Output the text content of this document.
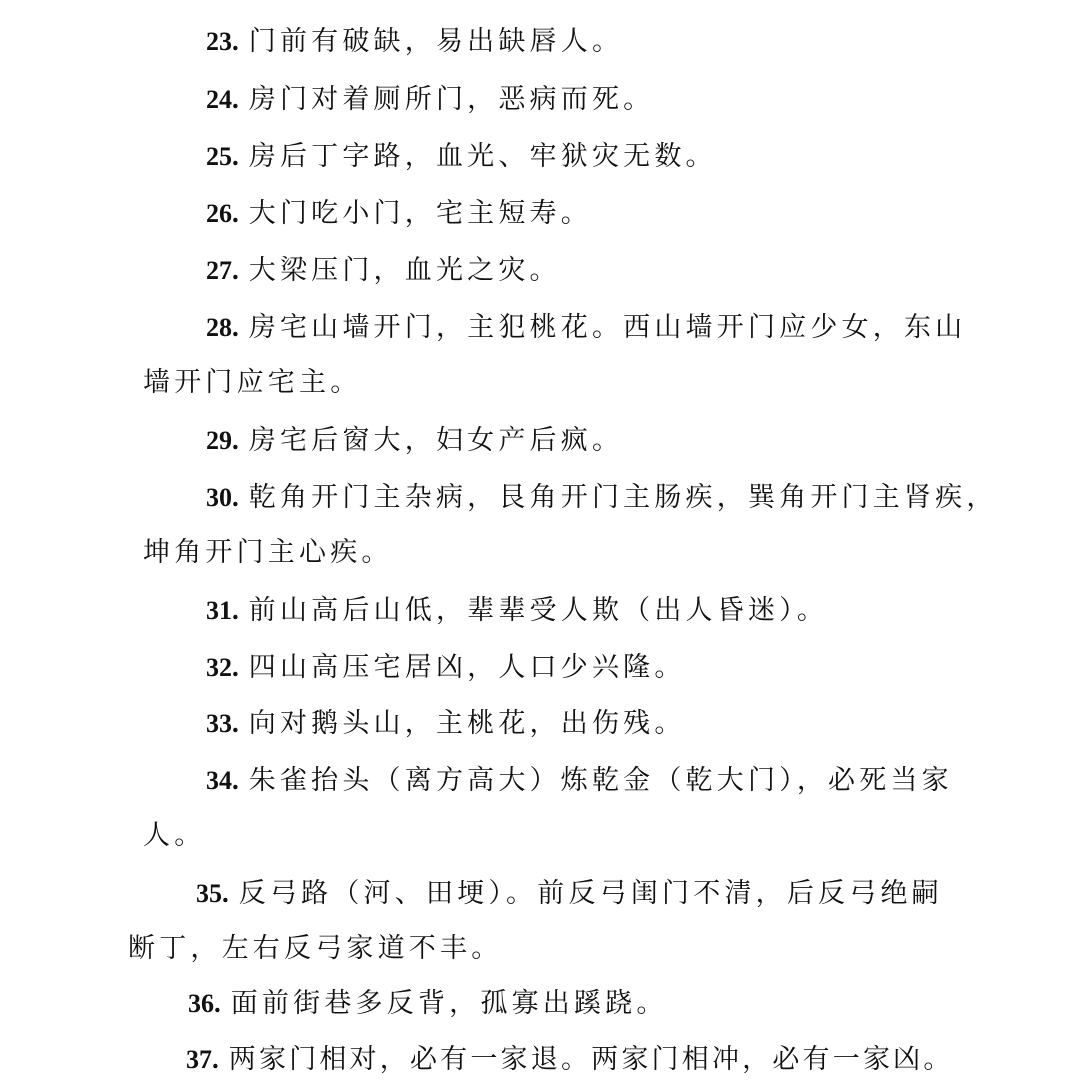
23. 门前有破缺，易出缺唇人。
24. 房门对着厕所门，恶病而死。
25. 房后丁字路，血光、牢狱灾无数。
26. 大门吃小门，宅主短寿。
27. 大梁压门，血光之灾。
28. 房宅山墙开门，主犯桃花。西山墙开门应少女，东山
墙开门应宅主。
29. 房宅后窗大，妇女产后疯。
30. 乾角开门主杂病，艮角开门主肠疾，巽角开门主肾疾，
坤角开门主心疾。
31. 前山高后山低，辈辈受人欺（出人昏迷）。
32. 四山高压宅居凶，人口少兴隆。
33. 向对鹅头山，主桃花，出伤残。
34. 朱雀抬头（离方高大）炼乾金（乾大门），必死当家
人。
35. 反弓路（河、田埂）。前反弓闺门不清，后反弓绝嗣
断丁，左右反弓家道不丰。
36. 面前街巷多反背，孤寡出蹊跷。
37. 两家门相对，必有一家退。两家门相冲，必有一家凶。
